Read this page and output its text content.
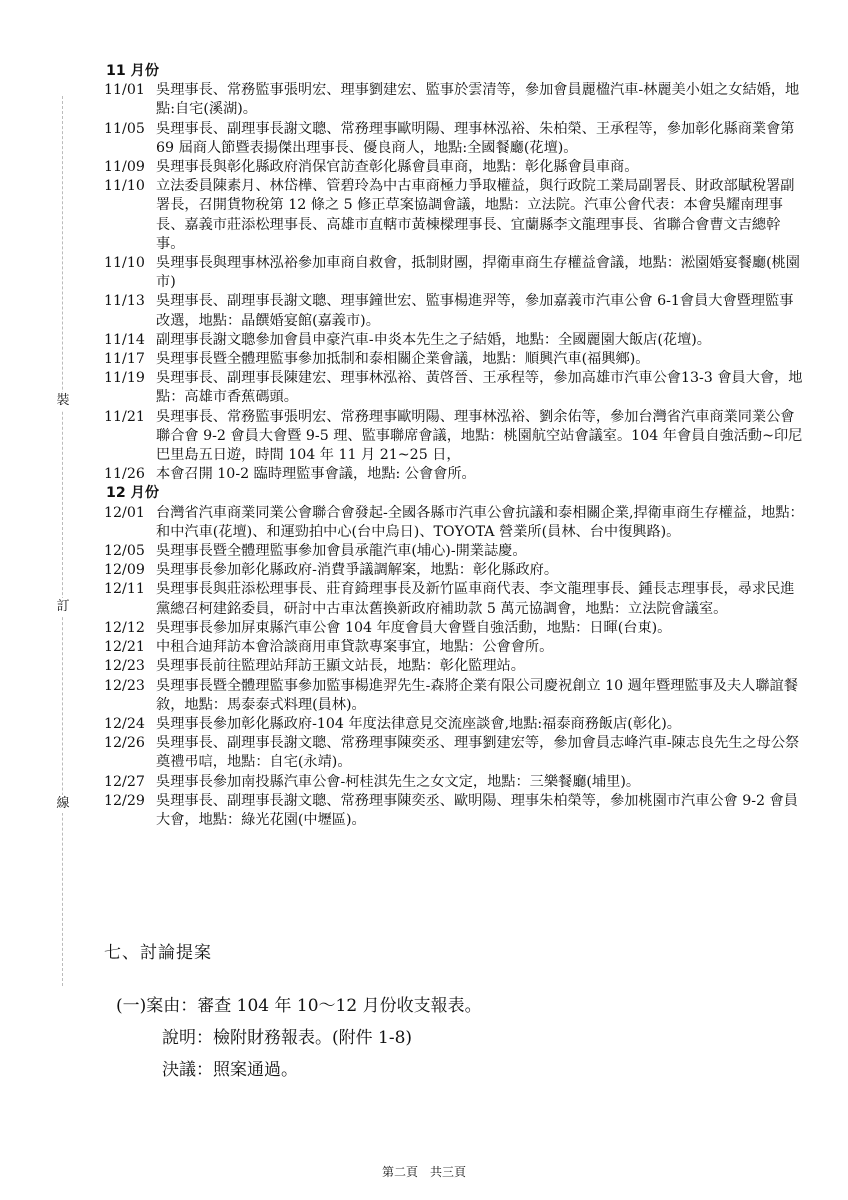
裝
訂
線
11 月份
11/01 吳理事長、常務監事張明宏、理事劉建宏、監事於雲清等，參加會員麗楹汽車-林麗美小姐之女結婚，地點:自宅(溪湖)。
11/05 吳理事長、副理事長謝文聰、常務理事歐明陽、理事林泓裕、朱柏榮、王承程等，參加彰化縣商業會第 69 屆商人節暨表揚傑出理事長、優良商人，地點:全國餐廳(花壇)。
11/09 吳理事長與彰化縣政府消保官訪查彰化縣會員車商，地點：彰化縣會員車商。
11/10 立法委員陳素月、林岱樺、管碧玲為中古車商極力爭取權益，與行政院工業局副署長、財政部賦稅署副署長，召開貨物稅第 12 條之 5 修正草案協調會議，地點：立法院。汽車公會代表：本會吳耀南理事長、嘉義市莊添松理事長、高雄市直轄市黃棟樑理事長、宜蘭縣李文龍理事長、省聯合會曹文吉總幹事。
11/10 吳理事長與理事林泓裕參加車商自救會，抵制財團，捍衛車商生存權益會議，地點：淞園婚宴餐廳(桃園市)
11/13 吳理事長、副理事長謝文聰、理事鐘世宏、監事楊進羿等，參加嘉義市汽車公會 6-1會員大會暨理監事改選，地點：晶饌婚宴館(嘉義市)。
11/14 副理事長謝文聰參加會員申豪汽車-申炎本先生之子結婚，地點：全國麗園大飯店(花壇)。
11/17 吳理事長暨全體理監事參加抵制和泰相關企業會議，地點：順興汽車(福興鄉)。
11/19 吳理事長、副理事長陳建宏、理事林泓裕、黃啓晉、王承程等，參加高雄市汽車公會13-3 會員大會，地點：高雄市香蕉碼頭。
11/21 吳理事長、常務監事張明宏、常務理事歐明陽、理事林泓裕、劉余佑等，參加台灣省汽車商業同業公會聯合會 9-2 會員大會暨 9-5 理、監事聯席會議，地點：桃園航空站會議室。104 年會員自強活動~印尼巴里島五日遊，時間 104 年 11 月 21~25 日，
11/26 本會召開 10-2 臨時理監事會議，地點: 公會會所。
12 月份
12/01 台灣省汽車商業同業公會聯合會發起-全國各縣市汽車公會抗議和泰相關企業,捍衛車商生存權益，地點：和中汽車(花壇)、和運勁拍中心(台中烏日)、TOYOTA 營業所(員林、台中復興路)。
12/05 吳理事長暨全體理監事參加會員承龍汽車(埔心)-開業誌慶。
12/09 吳理事長參加彰化縣政府-消費爭議調解案，地點：彰化縣政府。
12/11 吳理事長與莊添松理事長、莊育錡理事長及新竹區車商代表、李文龍理事長、鍾長志理事長，尋求民進黨總召柯建銘委員，研討中古車汰舊換新政府補助款 5 萬元協調會，地點：立法院會議室。
12/12 吳理事長參加屏東縣汽車公會 104 年度會員大會暨自強活動，地點：日暉(台東)。
12/21 中租合迪拜訪本會洽談商用車貸款專案事宜，地點：公會會所。
12/23 吳理事長前往監理站拜訪王顯文站長，地點：彰化監理站。
12/23 吳理事長暨全體理監事參加監事楊進羿先生-森將企業有限公司慶祝創立 10 週年暨理監事及夫人聯誼餐敘，地點：馬泰泰式料理(員林)。
12/24 吳理事長參加彰化縣政府-104 年度法律意見交流座談會,地點:福泰商務飯店(彰化)。
12/26 吳理事長、副理事長謝文聰、常務理事陳奕丞、理事劉建宏等，參加會員志峰汽車-陳志良先生之母公祭奠禮弔唁，地點：自宅(永靖)。
12/27 吳理事長參加南投縣汽車公會-柯桂淇先生之女文定，地點：三樂餐廳(埔里)。
12/29 吳理事長、副理事長謝文聰、常務理事陳奕丞、歐明陽、理事朱柏榮等，參加桃園市汽車公會 9-2 會員大會，地點：綠光花園(中壢區)。
七、討論提案
(一)案由：審查 104 年 10～12 月份收支報表。
說明：檢附財務報表。(附件 1-8)
決議：照案通過。
第二頁　共三頁
